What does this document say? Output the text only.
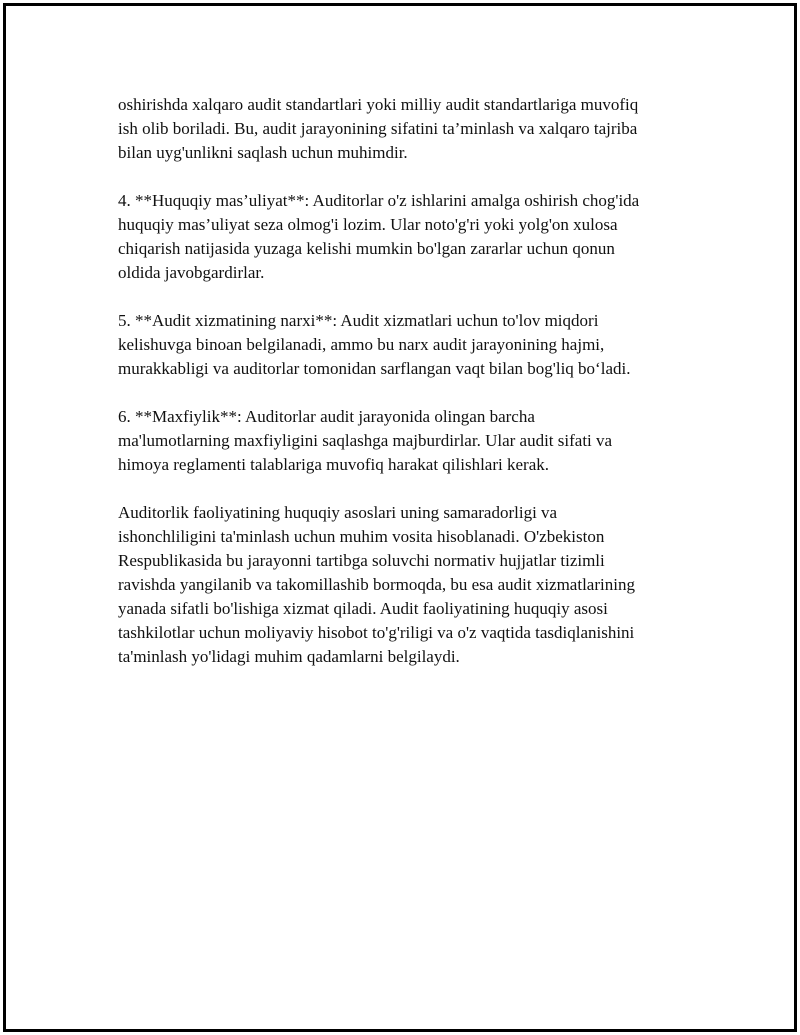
oshirishda xalqaro audit standartlari yoki milliy audit standartlariga muvofiq
ish olib boriladi. Bu, audit jarayonining sifatini ta’minlash va xalqaro tajriba
bilan uyg'unlikni saqlash uchun muhimdir.

4. **Huquqiy mas’uliyat**: Auditorlar o'z ishlarini amalga oshirish chog'ida
huquqiy mas’uliyat seza olmog'i lozim. Ular noto'g'ri yoki yolg'on xulosa
chiqarish natijasida yuzaga kelishi mumkin bo'lgan zararlar uchun qonun
oldida javobgardirlar.

5. **Audit xizmatining narxi**: Audit xizmatlari uchun to'lov miqdori
kelishuvga binoan belgilanadi, ammo bu narx audit jarayonining hajmi,
murakkabligi va auditorlar tomonidan sarflangan vaqt bilan bog'liq bo‘ladi.

6. **Maxfiylik**: Auditorlar audit jarayonida olingan barcha
ma'lumotlarning maxfiyligini saqlashga majburdirlar. Ular audit sifati va
himoya reglamenti talablariga muvofiq harakat qilishlari kerak.

Auditorlik faoliyatining huquqiy asoslari uning samaradorligi va
ishonchliligini ta'minlash uchun muhim vosita hisoblanadi. O'zbekiston
Respublikasida bu jarayonni tartibga soluvchi normativ hujjatlar tizimli
ravishda yangilanib va takomillashib bormoqda, bu esa audit xizmatlarining
yanada sifatli bo'lishiga xizmat qiladi. Audit faoliyatining huquqiy asosi
tashkilotlar uchun moliyaviy hisobot to'g'riligi va o'z vaqtida tasdiqlanishini
ta'minlash yo'lidagi muhim qadamlarni belgilaydi.
